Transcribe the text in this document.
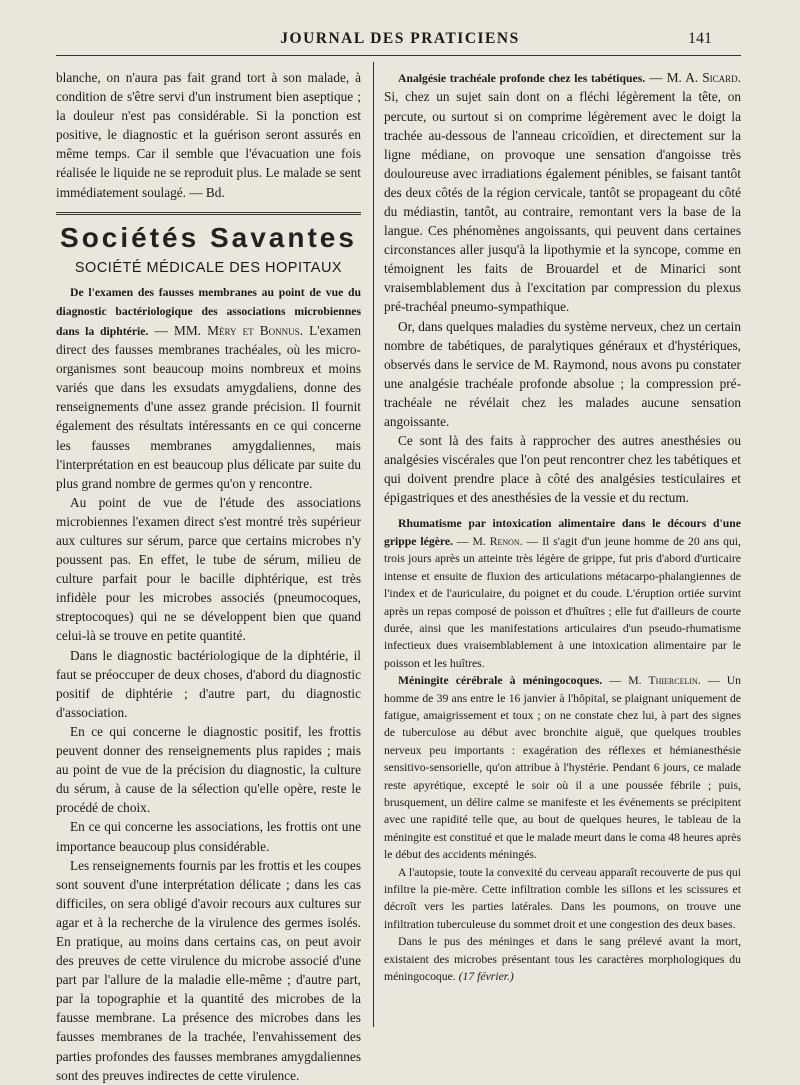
JOURNAL DES PRATICIENS	141

blanche, on n'aura pas fait grand tort à son malade, à condition de s'être servi d'un instrument bien aseptique ; la douleur n'est pas considérable. Si la ponction est positive, le diagnostic et la guérison seront assurés en même temps. Car il semble que l'évacuation une fois réalisée le liquide ne se reproduit plus. Le malade se sent immédiatement soulagé. — Bd.

Sociétés Savantes
SOCIÉTÉ MÉDICALE DES HOPITAUX

De l'examen des fausses membranes au point de vue du diagnostic bactériologique des associations microbiennes dans la diphtérie. — MM. Méry et Bonnus. L'examen direct des fausses membranes trachéales, où les micro-organismes sont beaucoup moins nombreux et moins variés que dans les exsudats amygdaliens, donne des renseignements d'une assez grande précision. Il fournit également des résultats intéressants en ce qui concerne les fausses membranes amygdaliennes, mais l'interprétation en est beaucoup plus délicate par suite du plus grand nombre de germes qu'on y rencontre.

Au point de vue de l'étude des associations microbiennes l'examen direct s'est montré très supérieur aux cultures sur sérum, parce que certains microbes n'y poussent pas. En effet, le tube de sérum, milieu de culture parfait pour le bacille diphtérique, est très infidèle pour les microbes associés (pneumocoques, streptocoques) qui ne se développent bien que quand celui-là se trouve en petite quantité.

Dans le diagnostic bactériologique de la diphtérie, il faut se préoccuper de deux choses, d'abord du diagnostic positif de diphtérie ; d'autre part, du diagnostic d'association.

En ce qui concerne le diagnostic positif, les frottis peuvent donner des renseignements plus rapides ; mais au point de vue de la précision du diagnostic, la culture du sérum, à cause de la sélection qu'elle opère, reste le procédé de choix.

En ce qui concerne les associations, les frottis ont une importance beaucoup plus considérable.

Les renseignements fournis par les frottis et les coupes sont souvent d'une interprétation délicate ; dans les cas difficiles, on sera obligé d'avoir recours aux cultures sur agar et à la recherche de la virulence des germes isolés. En pratique, au moins dans certains cas, on peut avoir des preuves de cette virulence du microbe associé d'une part par l'allure de la maladie elle-même ; d'autre part, par la topographie et la quantité des microbes de la fausse membrane. La présence des microbes dans les fausses membranes de la trachée, l'envahissement des parties profondes des fausses membranes amygdaliennes sont des preuves indirectes de cette virulence.

Analgésie trachéale profonde chez les tabétiques. — M. A. Sicard. Si, chez un sujet sain dont on a fléchi légèrement la tête, on percute, ou surtout si on comprime légèrement avec le doigt la trachée au-dessous de l'anneau cricoïdien, et directement sur la ligne médiane, on provoque une sensation d'angoisse très douloureuse avec irradiations également pénibles, se faisant tantôt des deux côtés de la région cervicale, tantôt se propageant du côté du médiastin, tantôt, au contraire, remontant vers la base de la langue. Ces phénomènes angoissants, qui peuvent dans certaines circonstances aller jusqu'à la lipothymie et la syncope, comme en témoignent les faits de Brouardel et de Minarici sont vraisemblablement dus à l'excitation par compression du plexus pré-trachéal pneumo-sympathique.

Or, dans quelques maladies du système nerveux, chez un certain nombre de tabétiques, de paralytiques généraux et d'hystériques, observés dans le service de M. Raymond, nous avons pu constater une analgésie trachéale profonde absolue ; la compression pré-trachéale ne révélait chez les malades aucune sensation angoissante.

Ce sont là des faits à rapprocher des autres anesthésies ou analgésies viscérales que l'on peut rencontrer chez les tabétiques et qui doivent prendre place à côté des analgésies testiculaires et épigastriques et des anesthésies de la vessie et du rectum.

Rhumatisme par intoxication alimentaire dans le décours d'une grippe légère. — M. Renon. — Il s'agit d'un jeune homme de 20 ans qui, trois jours après un atteinte très légère de grippe, fut pris d'abord d'urticaire intense et ensuite de fluxion des articulations métacarpo-phalangiennes de l'index et de l'auriculaire, du poignet et du coude. L'éruption ortiée survint après un repas composé de poisson et d'huîtres ; elle fut d'ailleurs de courte durée, ainsi que les manifestations articulaires d'un pseudo-rhumatisme infectieux dues vraisemblablement à une intoxication alimentaire par le poisson et les huîtres.

Méningite cérébrale à méningocoques. — M. Thiercelin. — Un homme de 39 ans entre le 16 janvier à l'hôpital, se plaignant uniquement de fatigue, amaigrissement et toux ; on ne constate chez lui, à part des signes de tuberculose au début avec bronchite aiguë, que quelques troubles nerveux peu importants : exagération des réflexes et hémianesthésie sensitivo-sensorielle, qu'on attribue à l'hystérie. Pendant 6 jours, ce malade reste apyrétique, excepté le soir où il a une poussée fébrile ; puis, brusquement, un délire calme se manifeste et les événements se précipitent avec une rapidité telle que, au bout de quelques heures, le tableau de la méningite est constitué et que le malade meurt dans le coma 48 heures après le début des accidents méningés.

A l'autopsie, toute la convexité du cerveau apparaît recouverte de pus qui infiltre la pie-mère. Cette infiltration comble les sillons et les scissures et décroît vers les parties latérales. Dans les poumons, on trouve une infiltration tuberculeuse du sommet droit et une congestion des deux bases.

Dans le pus des méninges et dans le sang prélevé avant la mort, existaient des microbes présentant tous les caractères morphologiques du méningocoque. (17 février.)
